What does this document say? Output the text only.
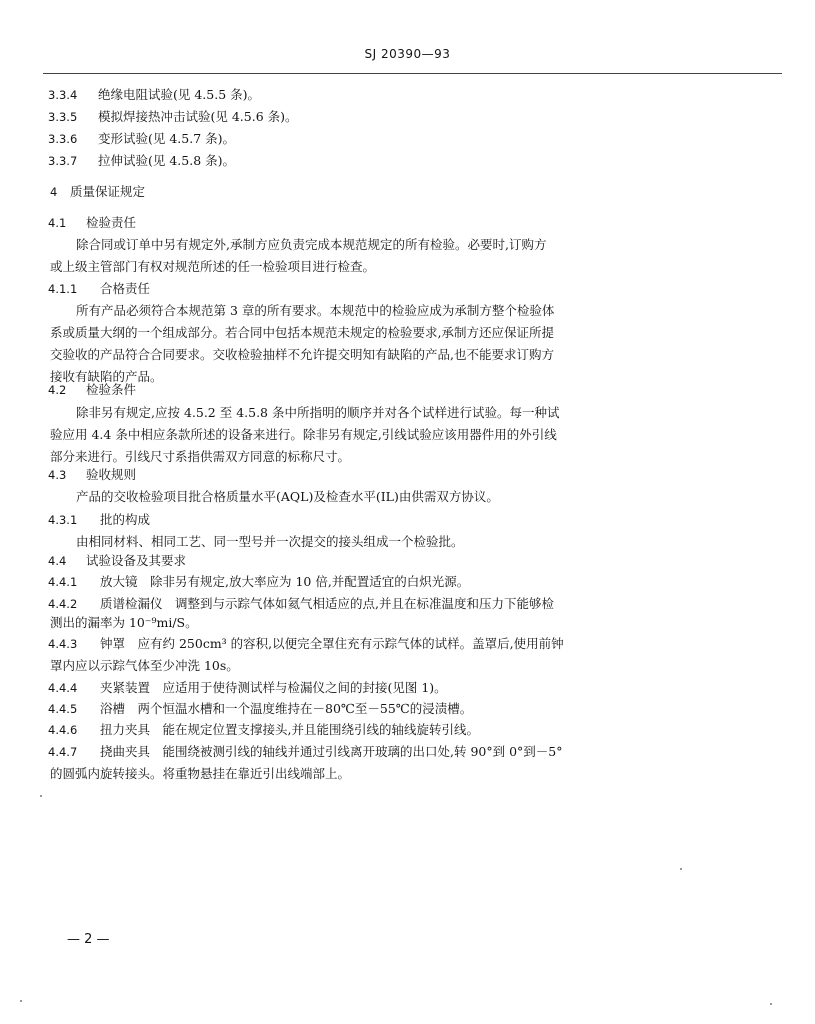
SJ 20390—93
3.3.4 绝缘电阻试验(见 4.5.5 条)。
3.3.5 模拟焊接热冲击试验(见 4.5.6 条)。
3.3.6 变形试验(见 4.5.7 条)。
3.3.7 拉伸试验(见 4.5.8 条)。
4 质量保证规定
4.1 检验责任
除合同或订单中另有规定外,承制方应负责完成本规范规定的所有检验。必要时,订购方
或上级主管部门有权对规范所述的任一检验项目进行检查。
4.1.1 合格责任
所有产品必须符合本规范第 3 章的所有要求。本规范中的检验应成为承制方整个检验体
系或质量大纲的一个组成部分。若合同中包括本规范未规定的检验要求,承制方还应保证所提
交验收的产品符合合同要求。交收检验抽样不允许提交明知有缺陷的产品,也不能要求订购方
接收有缺陷的产品。
4.2 检验条件
除非另有规定,应按 4.5.2 至 4.5.8 条中所指明的顺序并对各个试样进行试验。每一种试
验应用 4.4 条中相应条款所述的设备来进行。除非另有规定,引线试验应该用器件用的外引线
部分来进行。引线尺寸系指供需双方同意的标称尺寸。
4.3 验收规则
产品的交收检验项目批合格质量水平(AQL)及检查水平(IL)由供需双方协议。
4.3.1 批的构成
由相同材料、相同工艺、同一型号并一次提交的接头组成一个检验批。
4.4 试验设备及其要求
4.4.1 放大镜　除非另有规定,放大率应为 10 倍,并配置适宜的白炽光源。
4.4.2 质谱检漏仪　调整到与示踪气体如氦气相适应的点,并且在标准温度和压力下能够检
测出的漏率为 10⁻⁹mi/S。
4.4.3 钟罩　应有约 250cm³ 的容积,以便完全罩住充有示踪气体的试样。盖罩后,使用前钟
罩内应以示踪气体至少冲洗 10s。
4.4.4 夹紧装置　应适用于使待测试样与检漏仪之间的封接(见图 1)。
4.4.5 浴槽　两个恒温水槽和一个温度维持在－80℃至－55℃的浸渍槽。
4.4.6 扭力夹具　能在规定位置支撑接头,并且能围绕引线的轴线旋转引线。
4.4.7 挠曲夹具　能围绕被测引线的轴线并通过引线离开玻璃的出口处,转 90°到 0°到－5°
的圆弧内旋转接头。将重物悬挂在靠近引出线端部上。
— 2 —
